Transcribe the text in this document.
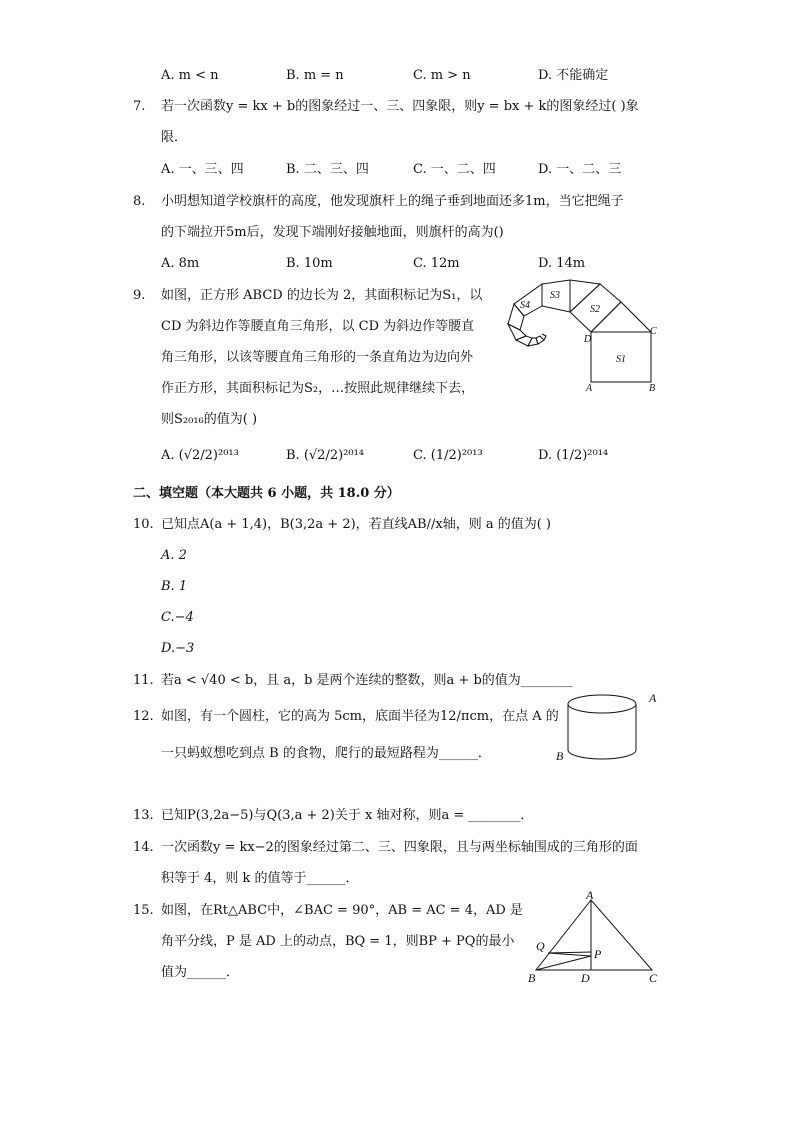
A. m < n	B. m = n	C. m > n	D. 不能确定
7. 若一次函数y = kx + b的图象经过一、三、四象限，则y = bx + k的图象经过( )象
限．
A. 一、三、四	B. 二、三、四	C. 一、二、四	D. 一、二、三
8. 小明想知道学校旗杆的高度，他发现旗杆上的绳子垂到地面还多1m，当它把绳子
的下端拉开5m后，发现下端刚好接触地面，则旗杆的高为()
A. 8m	B. 10m	C. 12m	D. 14m
9. 如图，正方形 ABCD 的边长为 2，其面积标记为S₁，以
CD 为斜边作等腰直角三角形，以 CD 为斜边作等腰直
角三角形，以该等腰直角三角形的一条直角边为边向外
作正方形，其面积标记为S₂，…按照此规律继续下去，
则S₂₀₁₆的值为( )
A. (√2/2)²⁰¹³	B. (√2/2)²⁰¹⁴	C. (1/2)²⁰¹³	D. (1/2)²⁰¹⁴
S1
S2
S3
S4
A	B
C
D
二、填空题（本大题共 6 小题，共 18.0 分）
10. 已知点A(a + 1,4)，B(3,2a + 2)，若直线AB//x轴，则 a 的值为( )
A. 2
B. 1
C.−4
D.−3
11. 若a < √40 < b，且 a，b 是两个连续的整数，则a + b的值为________
12. 如图，有一个圆柱，它的高为 5cm，底面半径为12/πcm，在点 A 的
一只蚂蚁想吃到点 B 的食物，爬行的最短路程为______．
A
B
13. 已知P(3,2a−5)与Q(3,a + 2)关于 x 轴对称，则a = ________．
14. 一次函数y = kx−2的图象经过第二、三、四象限，且与两坐标轴围成的三角形的面
积等于 4，则 k 的值等于______．
15. 如图，在Rt△ABC中，∠BAC = 90°，AB = AC = 4，AD 是
角平分线，P 是 AD 上的动点，BQ = 1，则BP + PQ的最小
值为______．
A
B	C
D
P
Q
